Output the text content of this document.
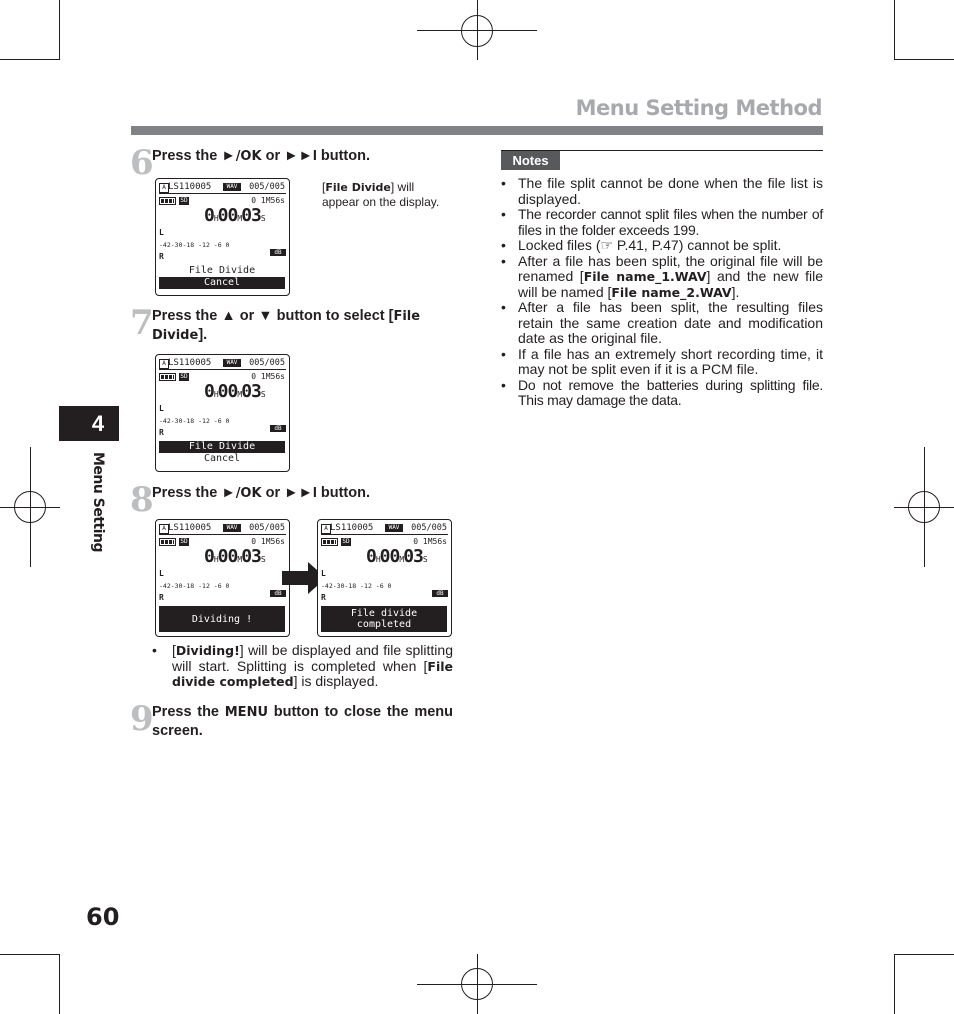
Menu Setting Method
4
Menu Setting
60
6
Press the ►/OK or ►►I button.
A LS110005	WAV	005/005
SD	0 1M56s
0H00M03S
L
-42-30-18 -12 -6 0
dB
R
File Divide
Cancel
[File Divide] will appear on the display.
7
Press the ▲ or ▼ button to select [File Divide].
A LS110005	WAV	005/005
SD	0 1M56s
0H00M03S
L
-42-30-18 -12 -6 0
dB
R
File Divide
Cancel
8
Press the ►/OK or ►►I button.
A LS110005	WAV	005/005
SD	0 1M56s
0H00M03S
L
-42-30-18 -12 -6 0
dB
R
Dividing !
A LS110005	WAV	005/005
SD	0 1M56s
0H00M03S
L
-42-30-18 -12 -6 0
dB
R
File divide
completed
• [Dividing!] will be displayed and file splitting will start. Splitting is completed when [File divide completed] is displayed.
9
Press the MENU button to close the menu screen.
Notes
• The file split cannot be done when the file list is displayed.
• The recorder cannot split files when the number of files in the folder exceeds 199.
• Locked files (☞ P.41, P.47) cannot be split.
• After a file has been split, the original file will be renamed [File name_1.WAV] and the new file will be named [File name_2.WAV].
• After a file has been split, the resulting files retain the same creation date and modification date as the original file.
• If a file has an extremely short recording time, it may not be split even if it is a PCM file.
• Do not remove the batteries during splitting file. This may damage the data.
